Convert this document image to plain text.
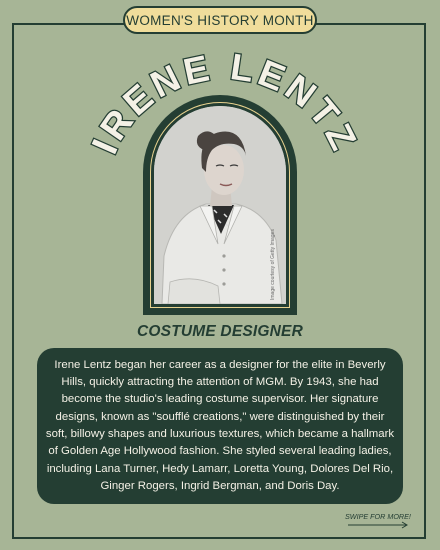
WOMEN'S HISTORY MONTH
IRENE LENTZ
Image courtesy of Getty Images
COSTUME DESIGNER

Irene Lentz began her career as a designer for the elite in Beverly Hills, quickly attracting the attention of MGM. By 1943, she had become the studio's leading costume supervisor. Her signature designs, known as "soufflé creations," were distinguished by their soft, billowy shapes and luxurious textures, which became a hallmark of Golden Age Hollywood fashion. She styled several leading ladies, including Lana Turner, Hedy Lamarr, Loretta Young, Dolores Del Rio, Ginger Rogers, Ingrid Bergman, and Doris Day.

SWIPE FOR MORE!
